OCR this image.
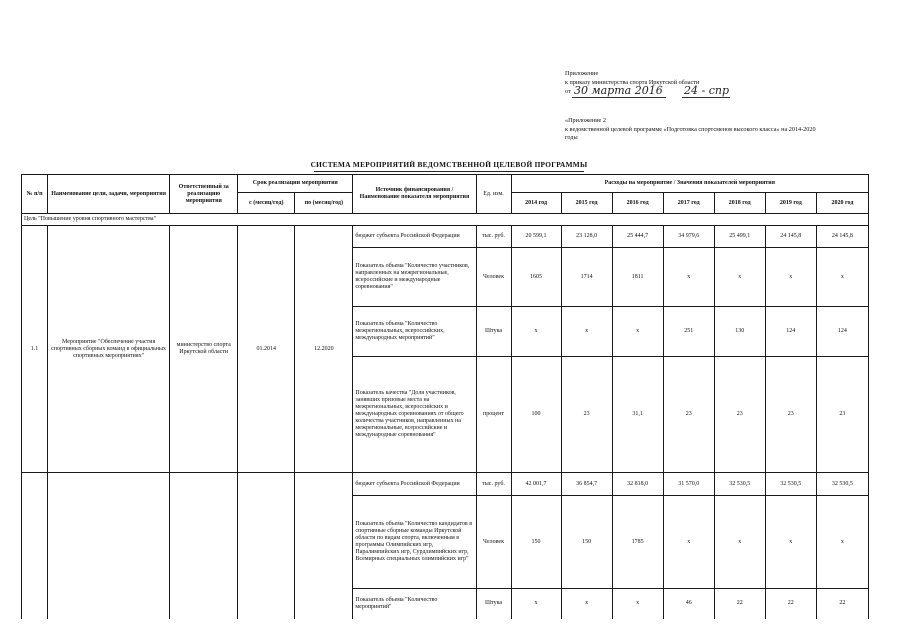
Приложение
к приказу министерства спорта Иркутской области
от 30 марта 2016 24 - спр
«Приложение 2
к ведомственной целевой программе «Подготовка спортсменов высокого класса» на 2014-2020
годы
СИСТЕМА МЕРОПРИЯТИЙ ВЕДОМСТВЕННОЙ ЦЕЛЕВОЙ ПРОГРАММЫ
№ п/п	Наименование цели, задачи, мероприятия	Ответственный за реализацию мероприятия	Срок реализации мероприятия		Источник финансирования / Наименование показателя мероприятия	Ед. изм.	Расходы на мероприятие / Значения показателей мероприятия						
			с (месяц/год)	по (месяц/год)			2014 год	2015 год	2016 год	2017 год	2018 год	2019 год	2020 год
Цель "Повышение уровня спортивного мастерства"													
1.1	Мероприятие "Обеспечение участия спортивных сборных команд в официальных спортивных мероприятиях"	министерство спорта Иркутской области	01.2014	12.2020	бюджет субъекта Российской Федерации	тыс. руб.	20 599,1	23 128,0	25 444,7	34 979,6	25 499,1	24 145,8	24 145,8
					Показатель объема "Количество участников, направленных на межрегиональные, всероссийские и международные соревнования"	Человек	1605	1714	1811	x	x	x	x
					Показатель объема "Количество межрегиональных, всероссийских, международных мероприятий"	Штука	x	x	x	251	130	124	124
					Показатель качества "Доля участников, занявших призовые места на межрегиональных, всероссийских и международных соревнованиях от общего количества участников, направленных на межрегиональные, всероссийские и международные соревнования"	процент	100	23	31,1	23	23	23	23
					бюджет субъекта Российской Федерации	тыс. руб.	42 001,7	36 854,7	32 818,0	31 570,0	32 530,5	32 530,5	32 530,5
					Показатель объема "Количество кандидатов в спортивные сборные команды Иркутской области по видам спорта, включенным в программы Олимпийских игр, Паралимпийских игр, Сурдлимпийских игр, Всемирных специальных олимпийских игр"	Человек	150	150	1785	x	x	x	x
					Показатель объема "Количество мероприятий"	Штука	x	x	x	46	22	22	22
